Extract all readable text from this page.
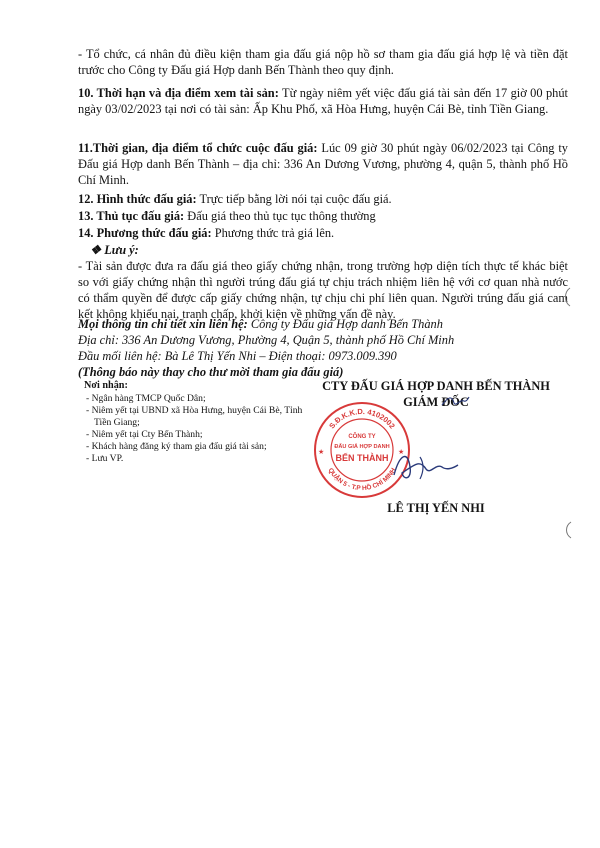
- Tổ chức, cá nhân đủ điều kiện tham gia đấu giá nộp hồ sơ tham gia đấu giá hợp lệ và tiền đặt trước cho Công ty Đấu giá Hợp danh Bến Thành theo quy định.

10. Thời hạn và địa điểm xem tài sản: Từ ngày niêm yết việc đấu giá tài sản đến 17 giờ 00 phút ngày 03/02/2023 tại nơi có tài sản: Ấp Khu Phố, xã Hòa Hưng, huyện Cái Bè, tỉnh Tiền Giang.

11.Thời gian, địa điểm tổ chức cuộc đấu giá: Lúc 09 giờ 30 phút ngày 06/02/2023 tại Công ty Đấu giá Hợp danh Bến Thành – địa chỉ: 336 An Dương Vương, phường 4, quận 5, thành phố Hồ Chí Minh.

12. Hình thức đấu giá: Trực tiếp bằng lời nói tại cuộc đấu giá.

13. Thủ tục đấu giá: Đấu giá theo thủ tục tục thông thường

14. Phương thức đấu giá: Phương thức trả giá lên.

❖ Lưu ý:

- Tài sản được đưa ra đấu giá theo giấy chứng nhận, trong trường hợp diện tích thực tế khác biệt so với giấy chứng nhận thì người trúng đấu giá tự chịu trách nhiệm liên hệ với cơ quan nhà nước có thẩm quyền để được cấp giấy chứng nhận, tự chịu chi phí liên quan. Người trúng đấu giá cam kết không khiếu nại, tranh chấp, khởi kiện về những vấn đề này.

Mọi thông tin chi tiết xin liên hệ: Công ty Đấu giá Hợp danh Bến Thành

Địa chỉ: 336 An Dương Vương, Phường 4, Quận 5, thành phố Hồ Chí Minh

Đầu mối liên hệ: Bà Lê Thị Yến Nhi – Điện thoại: 0973.009.390

(Thông báo này thay cho thư mời tham gia đấu giá)

Nơi nhận:
- Ngân hàng TMCP Quốc Dân;
- Niêm yết tại UBND xã Hòa Hưng, huyện Cái Bè, Tỉnh Tiền Giang;
- Niêm yết tại Cty Bến Thành;
- Khách hàng đăng ký tham gia đấu giá tài sản;
- Lưu VP.
CTY ĐẤU GIÁ HỢP DANH BẾN THÀNH
GIÁM ĐỐC
S.Đ.K.K.D. 4102002
QUẬN 5 - T.P HỒ CHÍ MINH
CÔNG TY
ĐẤU GIÁ HỢP DANH
BẾN THÀNH
★	★
LÊ THỊ YẾN NHI
